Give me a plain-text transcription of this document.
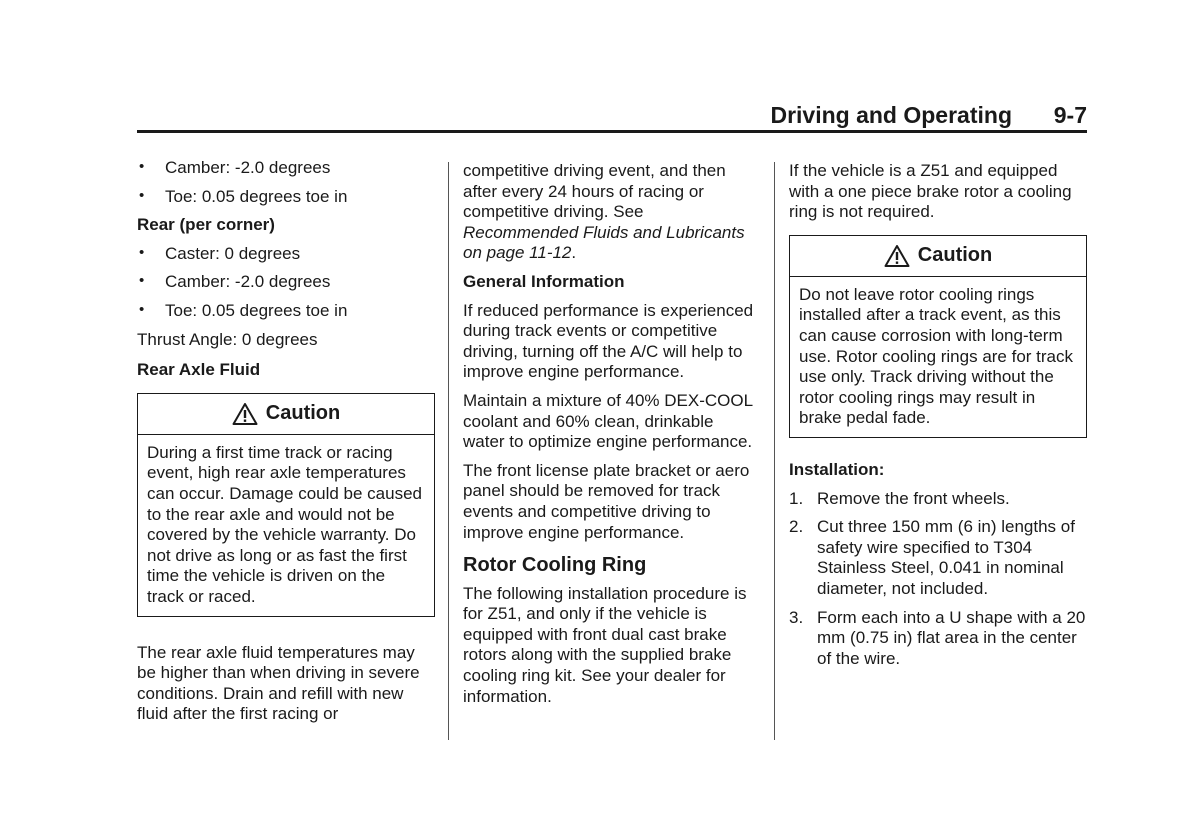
Driving and Operating 9-7
• Camber: -2.0 degrees
• Toe: 0.05 degrees toe in
Rear (per corner)
• Caster: 0 degrees
• Camber: -2.0 degrees
• Toe: 0.05 degrees toe in

Thrust Angle: 0 degrees

Rear Axle Fluid
Caution
During a first time track or racing event, high rear axle temperatures can occur. Damage could be caused to the rear axle and would not be covered by the vehicle warranty. Do not drive as long or as fast the first time the vehicle is driven on the track or raced.

The rear axle fluid temperatures may be higher than when driving in severe conditions. Drain and refill with new fluid after the first racing or

competitive driving event, and then after every 24 hours of racing or competitive driving. See Recommended Fluids and Lubricants on page 11-12.

General Information

If reduced performance is experienced during track events or competitive driving, turning off the A/C will help to improve engine performance.

Maintain a mixture of 40% DEX-COOL coolant and 60% clean, drinkable water to optimize engine performance.

The front license plate bracket or aero panel should be removed for track events and competitive driving to improve engine performance.

Rotor Cooling Ring

The following installation procedure is for Z51, and only if the vehicle is equipped with front dual cast brake rotors along with the supplied brake cooling ring kit. See your dealer for information.

If the vehicle is a Z51 and equipped with a one piece brake rotor a cooling ring is not required.

Caution
Do not leave rotor cooling rings installed after a track event, as this can cause corrosion with long-term use. Rotor cooling rings are for track use only. Track driving without the rotor cooling rings may result in brake pedal fade.
Installation:
1. Remove the front wheels.
2. Cut three 150 mm (6 in) lengths of safety wire specified to T304 Stainless Steel, 0.041 in nominal diameter, not included.
3. Form each into a U shape with a 20 mm (0.75 in) flat area in the center of the wire.
